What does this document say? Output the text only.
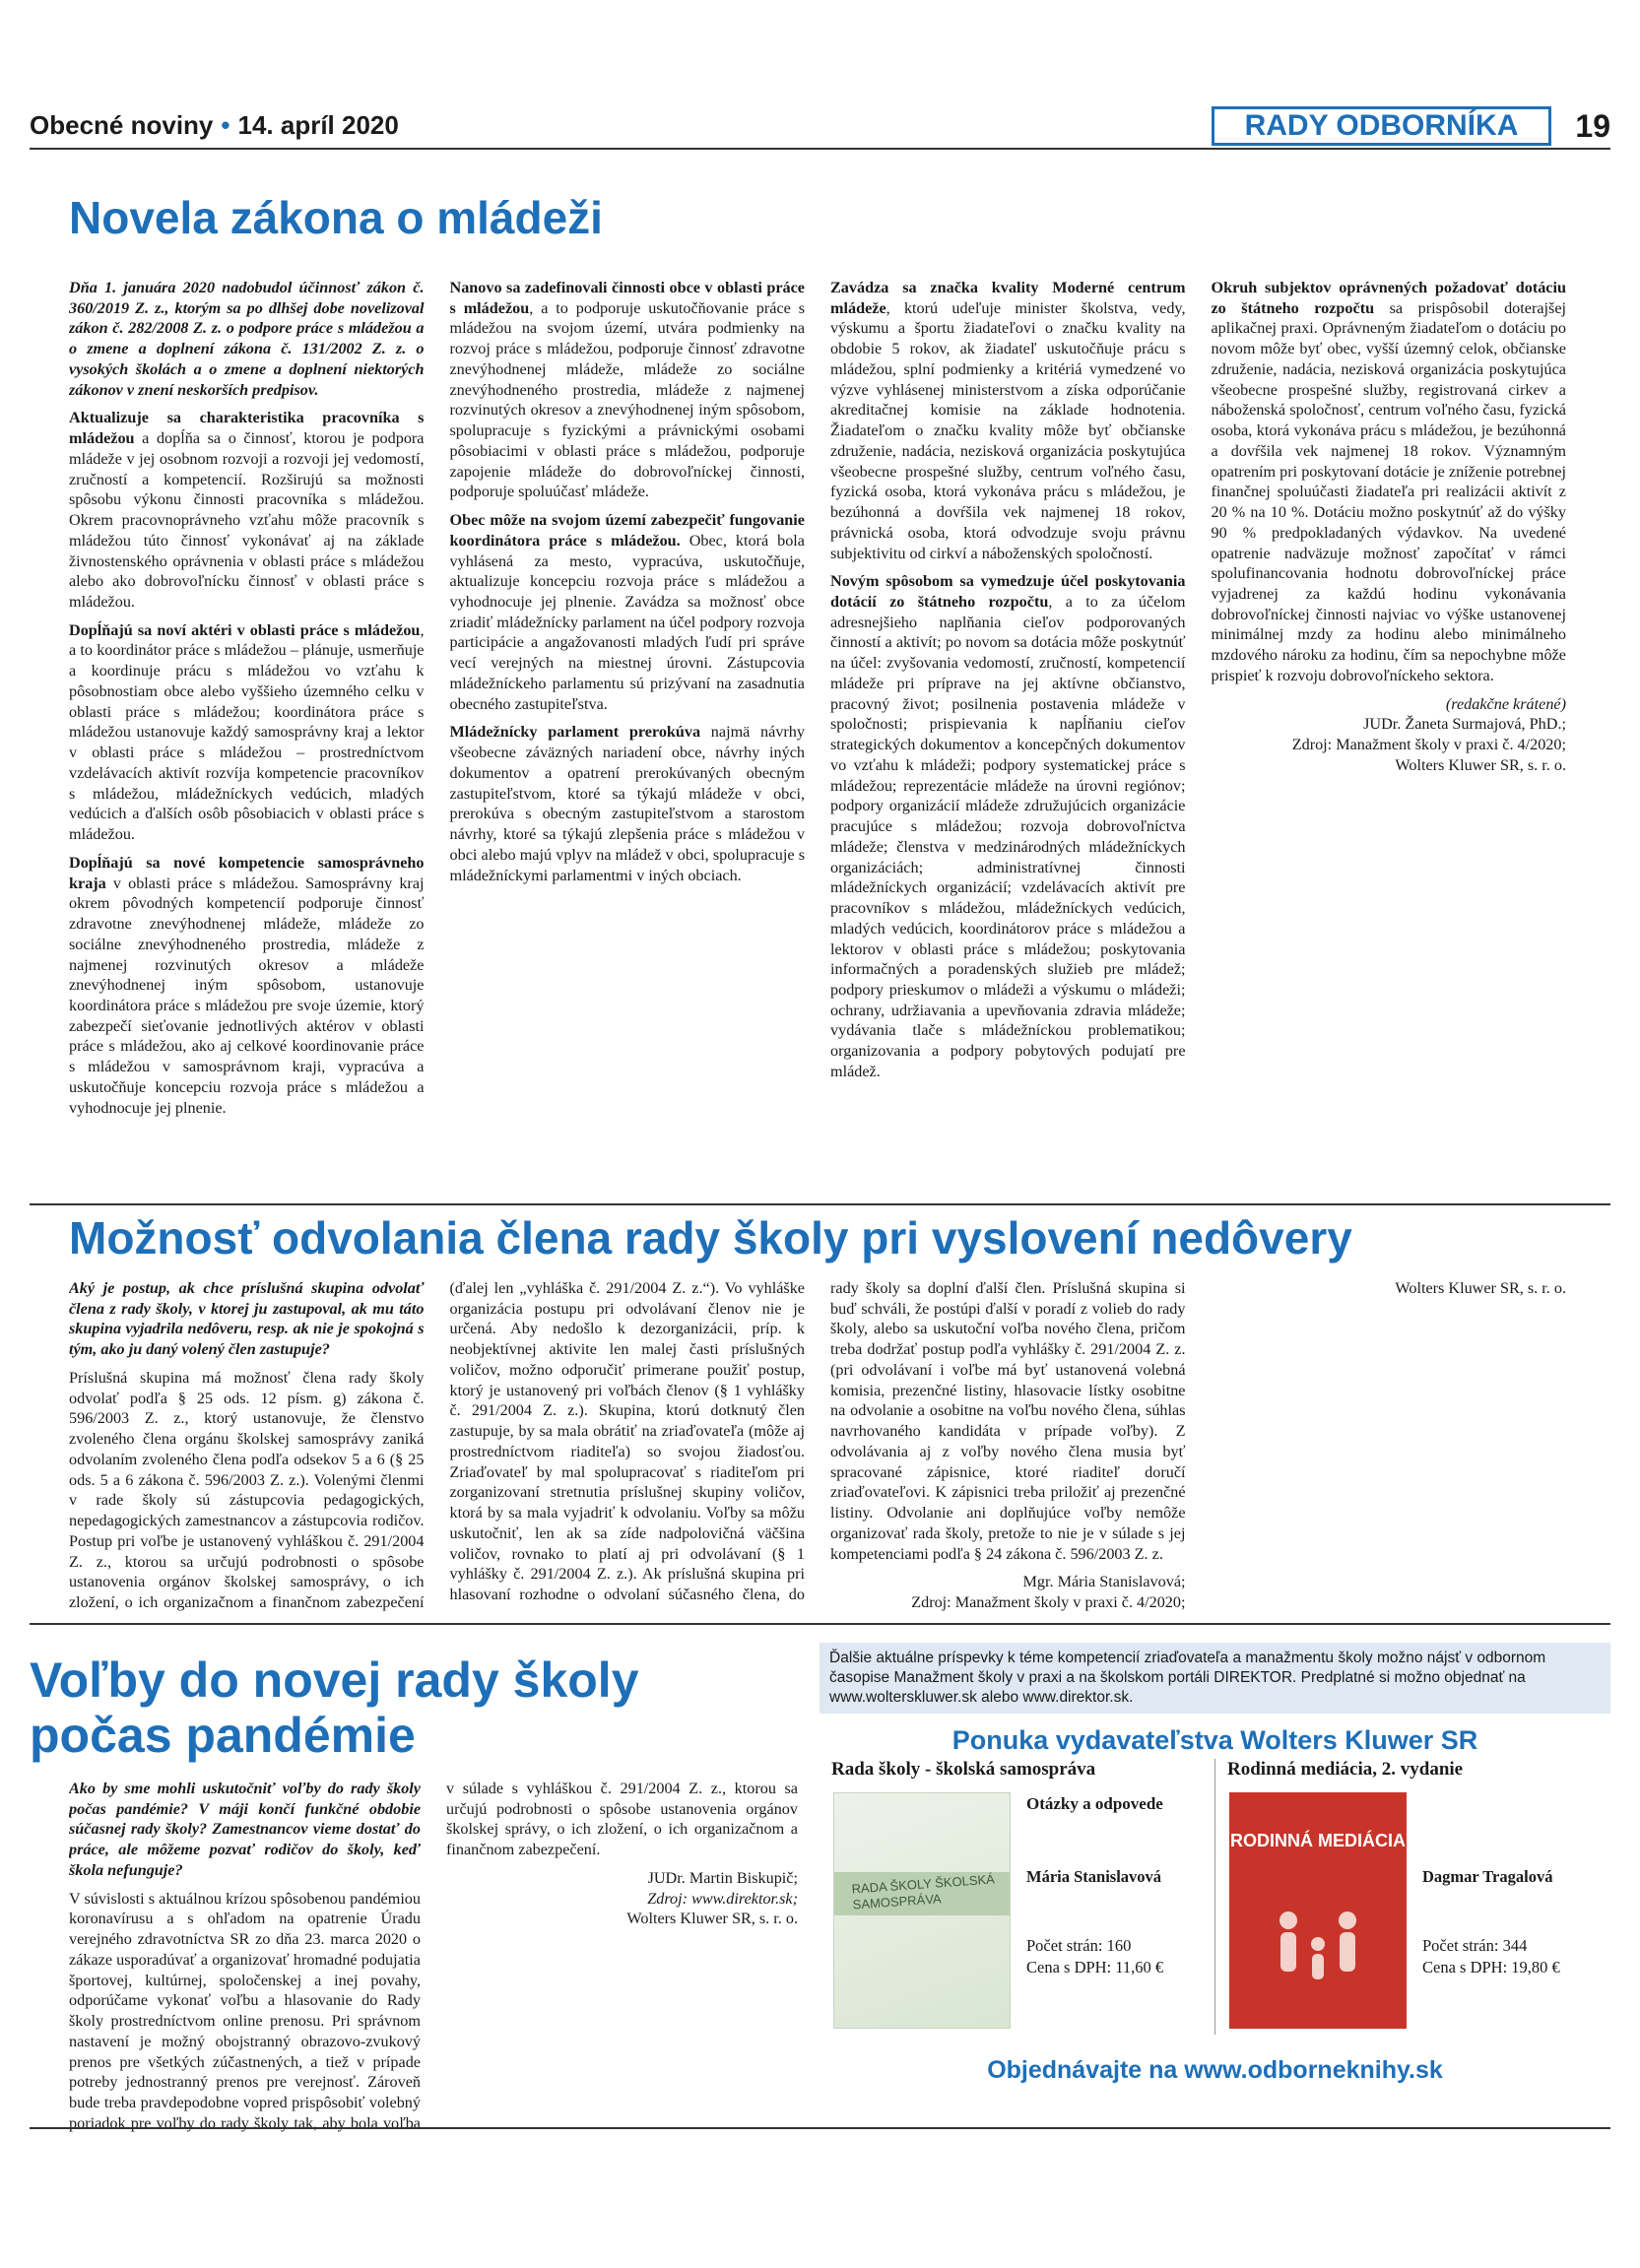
Obecné noviny • 14. apríl 2020	RADY ODBORNÍKA	19
Novela zákona o mládeži

Dňa 1. januára 2020 nadobudol účinnosť zákon č. 360/2019 Z. z., ktorým sa po dlhšej dobe novelizoval zákon č. 282/2008 Z. z. o podpore práce s mládežou a o zmene a doplnení zákona č. 131/2002 Z. z. o vysokých školách a o zmene a doplnení niektorých zákonov v znení neskorších predpisov.

Aktualizuje sa charakteristika pracovníka s mládežou a dopĺňa sa o činnosť, ktorou je podpora mládeže v jej osobnom rozvoji a rozvoji jej vedomostí, zručností a kompetencií. Rozširujú sa možnosti spôsobu výkonu činnosti pracovníka s mládežou. Okrem pracovnoprávneho vzťahu môže pracovník s mládežou túto činnosť vykonávať aj na základe živnostenského oprávnenia v oblasti práce s mládežou alebo ako dobrovoľnícku činnosť v oblasti práce s mládežou.

Dopĺňajú sa noví aktéri v oblasti práce s mládežou, a to koordinátor práce s mládežou – plánuje, usmerňuje a koordinuje prácu s mládežou vo vzťahu k pôsobnostiam obce alebo vyššieho územného celku v oblasti práce s mládežou; koordinátora práce s mládežou ustanovuje každý samosprávny kraj a lektor v oblasti práce s mládežou – prostredníctvom vzdelávacích aktivít rozvíja kompetencie pracovníkov s mládežou, mládežníckych vedúcich, mladých vedúcich a ďalších osôb pôsobiacich v oblasti práce s mládežou.

Dopĺňajú sa nové kompetencie samosprávneho kraja v oblasti práce s mládežou. Samosprávny kraj okrem pôvodných kompetencií podporuje činnosť zdravotne znevýhodnenej mládeže, mládeže zo sociálne znevýhodneného prostredia, mládeže z najmenej rozvinutých okresov a mládeže znevýhodnenej iným spôsobom, ustanovuje koordinátora práce s mládežou pre svoje územie, ktorý zabezpečí sieťovanie jednotlivých aktérov v oblasti práce s mládežou, ako aj celkové koordinovanie práce s mládežou v samosprávnom kraji, vypracúva a uskutočňuje koncepciu rozvoja práce s mládežou a vyhodnocuje jej plnenie.

Nanovo sa zadefinovali činnosti obce v oblasti práce s mládežou, a to podporuje uskutočňovanie práce s mládežou na svojom území, utvára podmienky na rozvoj práce s mládežou, podporuje činnosť zdravotne znevýhodnenej mládeže, mládeže zo sociálne znevýhodneného prostredia, mládeže z najmenej rozvinutých okresov a znevýhodnenej iným spôsobom, spolupracuje s fyzickými a právnickými osobami pôsobiacimi v oblasti práce s mládežou, podporuje zapojenie mládeže do dobrovoľníckej činnosti, podporuje spoluúčasť mládeže.

Obec môže na svojom území zabezpečiť fungovanie koordinátora práce s mládežou. Obec, ktorá bola vyhlásená za mesto, vypracúva, uskutočňuje, aktualizuje koncepciu rozvoja práce s mládežou a vyhodnocuje jej plnenie. Zavádza sa možnosť obce zriadiť mládežnícky parlament na účel podpory rozvoja participácie a angažovanosti mladých ľudí pri správe vecí verejných na miestnej úrovni. Zástupcovia mládežníckeho parlamentu sú prizývaní na zasadnutia obecného zastupiteľstva.

Mládežnícky parlament prerokúva najmä návrhy všeobecne záväzných nariadení obce, návrhy iných dokumentov a opatrení prerokúvaných obecným zastupiteľstvom, ktoré sa týkajú mládeže v obci, prerokúva s obecným zastupiteľstvom a starostom návrhy, ktoré sa týkajú zlepšenia práce s mládežou v obci alebo majú vplyv na mládež v obci, spolupracuje s mládežníckymi parlamentmi v iných obciach.

Zavádza sa značka kvality Moderné centrum mládeže, ktorú udeľuje minister školstva, vedy, výskumu a športu žiadateľovi o značku kvality na obdobie 5 rokov, ak žiadateľ uskutočňuje prácu s mládežou, splní podmienky a kritériá vymedzené vo výzve vyhlásenej ministerstvom a získa odporúčanie akreditačnej komisie na základe hodnotenia. Žiadateľom o značku kvality môže byť občianske združenie, nadácia, nezisková organizácia poskytujúca všeobecne prospešné služby, centrum voľného času, fyzická osoba, ktorá vykonáva prácu s mládežou, je bezúhonná a dovŕšila vek najmenej 18 rokov, právnická osoba, ktorá odvodzuje svoju právnu subjektivitu od cirkví a náboženských spoločností.

Novým spôsobom sa vymedzuje účel poskytovania dotácií zo štátneho rozpočtu, a to za účelom adresnejšieho naplňania cieľov podporovaných činností a aktivít; po novom sa dotácia môže poskytnúť na účel: zvyšovania vedomostí, zručností, kompetencií mládeže pri príprave na jej aktívne občianstvo, pracovný život; posilnenia postavenia mládeže v spoločnosti; prispievania k napĺňaniu cieľov strategických dokumentov a koncepčných dokumentov vo vzťahu k mládeži; podpory systematickej práce s mládežou; reprezentácie mládeže na úrovni regiónov; podpory organizácií mládeže združujúcich organizácie pracujúce s mládežou; rozvoja dobrovoľníctva mládeže; členstva v medzinárodných mládežníckych organizáciách; administratívnej činnosti mládežníckych organizácií; vzdelávacích aktivít pre pracovníkov s mládežou, mládežníckych vedúcich, mladých vedúcich, koordinátorov práce s mládežou a lektorov v oblasti práce s mládežou; poskytovania informačných a poradenských služieb pre mládež; podpory prieskumov o mládeži a výskumu o mládeži; ochrany, udržiavania a upevňovania zdravia mládeže; vydávania tlače s mládežníckou problematikou; organizovania a podpory pobytových podujatí pre mládež.

Okruh subjektov oprávnených požadovať dotáciu zo štátneho rozpočtu sa prispôsobil doterajšej aplikačnej praxi. Oprávneným žiadateľom o dotáciu po novom môže byť obec, vyšší územný celok, občianske združenie, nadácia, nezisková organizácia poskytujúca všeobecne prospešné služby, registrovaná cirkev a náboženská spoločnosť, centrum voľného času, fyzická osoba, ktorá vykonáva prácu s mládežou, je bezúhonná a dovŕšila vek najmenej 18 rokov. Významným opatrením pri poskytovaní dotácie je zníženie potrebnej finančnej spoluúčasti žiadateľa pri realizácii aktivít z 20 % na 10 %. Dotáciu možno poskytnúť až do výšky 90 % predpokladaných výdavkov. Na uvedené opatrenie nadväzuje možnosť započítať v rámci spolufinancovania hodnotu dobrovoľníckej práce vyjadrenej za každú hodinu vykonávania dobrovoľníckej činnosti najviac vo výške ustanovenej minimálnej mzdy za hodinu alebo minimálneho mzdového nároku za hodinu, čím sa nepochybne môže prispieť k rozvoju dobrovoľníckeho sektora.

(redakčne krátené)

JUDr. Žaneta Surmajová, PhD.;

Zdroj: Manažment školy v praxi č. 4/2020;

Wolters Kluwer SR, s. r. o.

Možnosť odvolania člena rady školy pri vyslovení nedôvery

Aký je postup, ak chce príslušná skupina odvolať člena z rady školy, v ktorej ju zastupoval, ak mu táto skupina vyjadrila nedôveru, resp. ak nie je spokojná s tým, ako ju daný volený člen zastupuje?

Príslušná skupina má možnosť člena rady školy odvolať podľa § 25 ods. 12 písm. g) zákona č. 596/2003 Z. z., ktorý ustanovuje, že členstvo zvoleného člena orgánu školskej samosprávy zaniká odvolaním zvoleného člena podľa odsekov 5 a 6 (§ 25 ods. 5 a 6 zákona č. 596/2003 Z. z.). Volenými členmi v rade školy sú zástupcovia pedagogických, nepedagogických zamestnancov a zástupcovia rodičov. Postup pri voľbe je ustanovený vyhláškou č. 291/2004 Z. z., ktorou sa určujú podrobnosti o spôsobe ustanovenia orgánov školskej samosprávy, o ich zložení, o ich organizačnom a finančnom zabezpečení (ďalej len „vyhláška č. 291/2004 Z. z.“). Vo vyhláške organizácia postupu pri odvolávaní členov nie je určená. Aby nedošlo k dezorganizácii, príp. k neobjektívnej aktivite len malej časti príslušných voličov, možno odporučiť primerane použiť postup, ktorý je ustanovený pri voľbách členov (§ 1 vyhlášky č. 291/2004 Z. z.). Skupina, ktorú dotknutý člen zastupuje, by sa mala obrátiť na zriaďovateľa (môže aj prostredníctvom riaditeľa) so svojou žiadosťou. Zriaďovateľ by mal spolupracovať s riaditeľom pri zorganizovaní stretnutia príslušnej skupiny voličov, ktorá by sa mala vyjadriť k odvolaniu. Voľby sa môžu uskutočniť, len ak sa zíde nadpolovičná väčšina voličov, rovnako to platí aj pri odvolávaní (§ 1 vyhlášky č. 291/2004 Z. z.). Ak príslušná skupina pri hlasovaní rozhodne o odvolaní súčasného člena, do rady školy sa doplní ďalší člen. Príslušná skupina si buď schváli, že postúpi ďalší v poradí z volieb do rady školy, alebo sa uskutoční voľba nového člena, pričom treba dodržať postup podľa vyhlášky č. 291/2004 Z. z. (pri odvolávaní i voľbe má byť ustanovená volebná komisia, prezenčné listiny, hlasovacie lístky osobitne na odvolanie a osobitne na voľbu nového člena, súhlas navrhovaného kandidáta v prípade voľby). Z odvolávania aj z voľby nového člena musia byť spracované zápisnice, ktoré riaditeľ doručí zriaďovateľovi. K zápisnici treba priložiť aj prezenčné listiny. Odvolanie ani doplňujúce voľby nemôže organizovať rada školy, pretože to nie je v súlade s jej kompetenciami podľa § 24 zákona č. 596/2003 Z. z.

Mgr. Mária Stanislavová;

Zdroj: Manažment školy v praxi č. 4/2020;

Wolters Kluwer SR, s. r. o.

Voľby do novej rady školy
počas pandémie

Ako by sme mohli uskutočniť voľby do rady školy počas pandémie? V máji končí funkčné obdobie súčasnej rady školy? Zamestnancov vieme dostať do práce, ale môžeme pozvať rodičov do školy, keď škola nefunguje?

V súvislosti s aktuálnou krízou spôsobenou pandémiou koronavírusu a s ohľadom na opatrenie Úradu verejného zdravotníctva SR zo dňa 23. marca 2020 o zákaze usporadúvať a organizovať hromadné podujatia športovej, kultúrnej, spoločenskej a inej povahy, odporúčame vykonať voľbu a hlasovanie do Rady školy prostredníctvom online prenosu. Pri správnom nastavení je možný obojstranný obrazovo-zvukový prenos pre všetkých zúčastnených, a tiež v prípade potreby jednostranný prenos pre verejnosť. Zároveň bude treba pravdepodobne vopred prispôsobiť volebný poriadok pre voľby do rady školy tak, aby bola voľba v súlade s vyhláškou č. 291/2004 Z. z., ktorou sa určujú podrobnosti o spôsobe ustanovenia orgánov školskej správy, o ich zložení, o ich organizačnom a finančnom zabezpečení.

JUDr. Martin Biskupič;

Zdroj: www.direktor.sk;

Wolters Kluwer SR, s. r. o.

Ďalšie aktuálne príspevky k téme kompetencií zriaďovateľa a manažmentu školy možno nájsť v odbornom časopise Manažment školy v praxi a na školskom portáli DIREKTOR. Predplatné si možno objednať na www.wolterskluwer.sk alebo www.direktor.sk.
Ponuka vydavateľstva Wolters Kluwer SR
Rada školy - školská samospráva
RADA ŠKOLY ŠKOLSKÁ SAMOSPRÁVA
Otázky a odpovede
Mária Stanislavová
Počet strán: 160
Cena s DPH: 11,60 €
Rodinná mediácia, 2. vydanie
RODINNÁ MEDIÁCIA
Dagmar Tragalová
Počet strán: 344
Cena s DPH: 19,80 €
Objednávajte na www.odborneknihy.sk
